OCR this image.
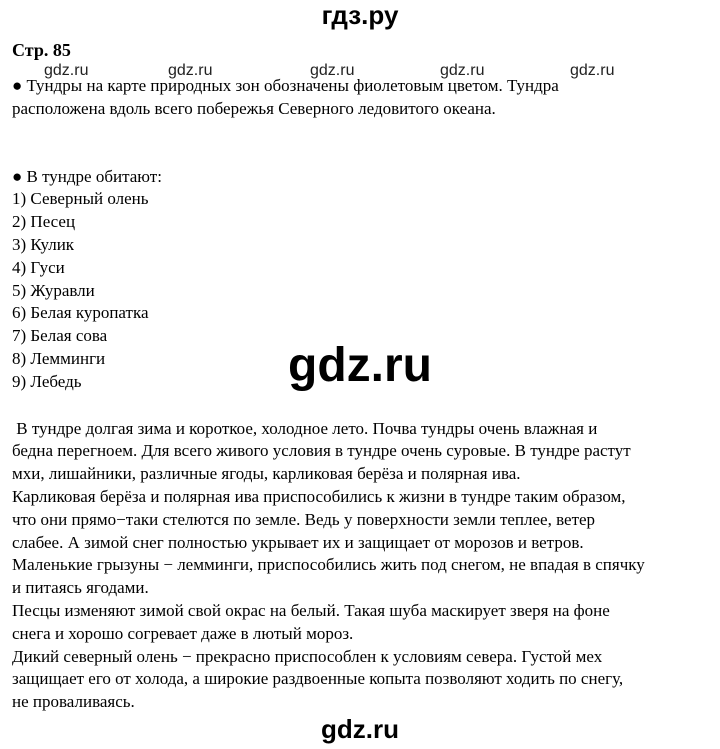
гдз.ру
Стр. 85

● Тундры на карте природных зон обозначены фиолетовым цветом. Тундра

расположена вдоль всего побережья Северного ледовитого океана.

● В тундре обитают:

1) Северный олень

2) Песец

3) Кулик

4) Гуси

5) Журавли

6) Белая куропатка

7) Белая сова

8) Лемминги

9) Лебедь

В тундре долгая зима и короткое, холодное лето. Почва тундры очень влажная и

бедна перегноем. Для всего живого условия в тундре очень суровые. В тундре растут

мхи, лишайники, различные ягоды, карликовая берёза и полярная ива.

Карликовая берёза и полярная ива приспособились к жизни в тундре таким образом,

что они прямо−таки стелются по земле. Ведь у поверхности земли теплее, ветер

слабее. А зимой снег полностью укрывает их и защищает от морозов и ветров.

Маленькие грызуны − лемминги, приспособились жить под снегом, не впадая в спячку

и питаясь ягодами.

Песцы изменяют зимой свой окрас на белый. Такая шуба маскирует зверя на фоне

снега и хорошо согревает даже в лютый мороз.

Дикий северный олень − прекрасно приспособлен к условиям севера. Густой мех

защищает его от холода, а широкие раздвоенные копыта позволяют ходить по снегу,

не проваливаясь.

gdz.ru	gdz.ru	gdz.ru	gdz.ru	gdz.ru
gdz.ru
gdz.ru
